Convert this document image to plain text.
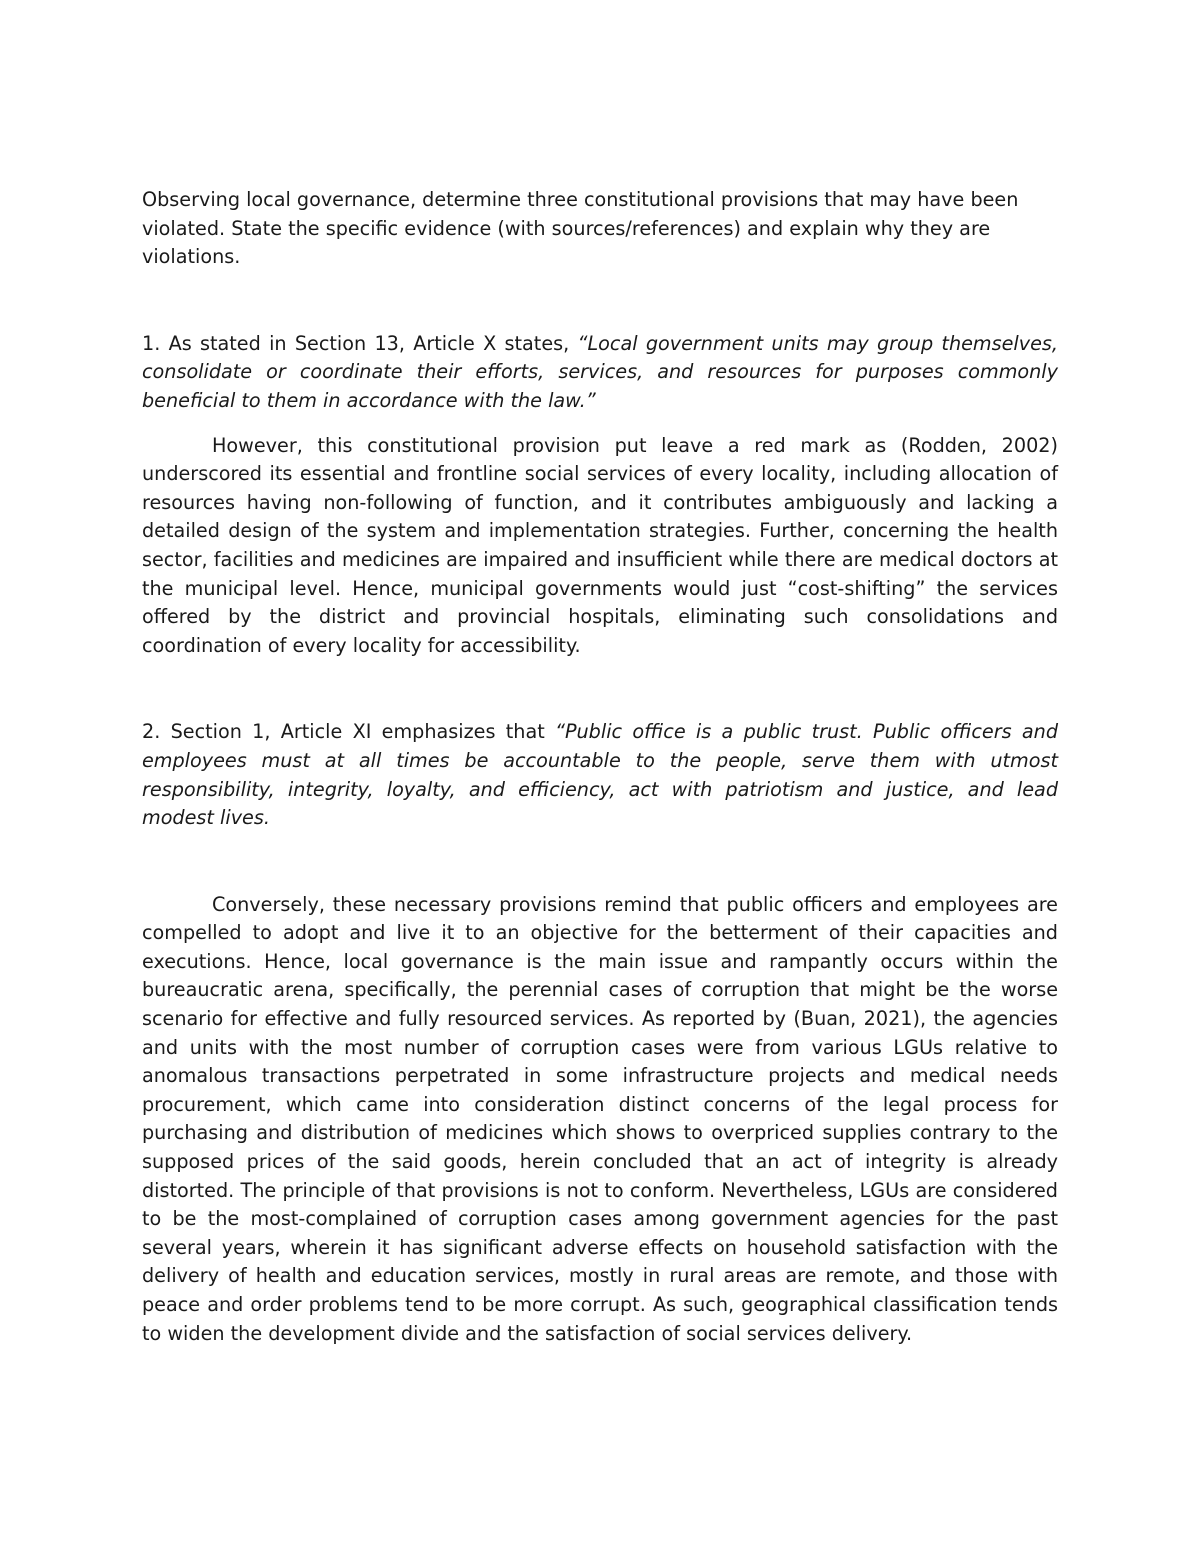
Observing local governance, determine three constitutional provisions that may have been violated. State the specific evidence (with sources/references) and explain why they are violations.

1. As stated in Section 13, Article X states, “Local government units may group themselves, consolidate or coordinate their efforts, services, and resources for purposes commonly beneficial to them in accordance with the law.”

However, this constitutional provision put leave a red mark as (Rodden, 2002) underscored its essential and frontline social services of every locality, including allocation of resources having non-following of function, and it contributes ambiguously and lacking a detailed design of the system and implementation strategies. Further, concerning the health sector, facilities and medicines are impaired and insufficient while there are medical doctors at the municipal level. Hence, municipal governments would just “cost-shifting” the services offered by the district and provincial hospitals, eliminating such consolidations and coordination of every locality for accessibility.

2. Section 1, Article XI emphasizes that “Public office is a public trust. Public officers and employees must at all times be accountable to the people, serve them with utmost responsibility, integrity, loyalty, and efficiency, act with patriotism and justice, and lead modest lives.

Conversely, these necessary provisions remind that public officers and employees are compelled to adopt and live it to an objective for the betterment of their capacities and executions. Hence, local governance is the main issue and rampantly occurs within the bureaucratic arena, specifically, the perennial cases of corruption that might be the worse scenario for effective and fully resourced services. As reported by (Buan, 2021), the agencies and units with the most number of corruption cases were from various LGUs relative to anomalous transactions perpetrated in some infrastructure projects and medical needs procurement, which came into consideration distinct concerns of the legal process for purchasing and distribution of medicines which shows to overpriced supplies contrary to the supposed prices of the said goods, herein concluded that an act of integrity is already distorted. The principle of that provisions is not to conform. Nevertheless, LGUs are considered to be the most-complained of corruption cases among government agencies for the past several years, wherein it has significant adverse effects on household satisfaction with the delivery of health and education services, mostly in rural areas are remote, and those with peace and order problems tend to be more corrupt. As such, geographical classification tends to widen the development divide and the satisfaction of social services delivery.
